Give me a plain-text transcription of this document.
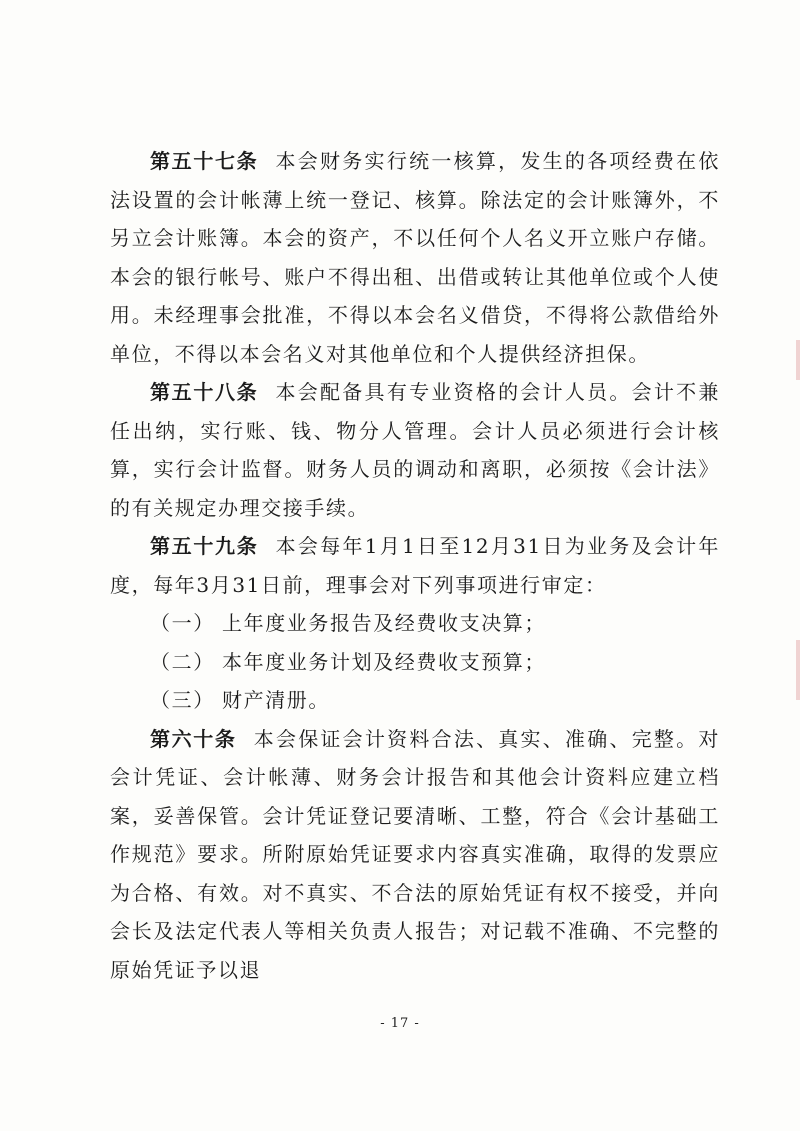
第五十七条 本会财务实行统一核算，发生的各项经费在依法设置的会计帐薄上统一登记、核算。除法定的会计账簿外，不另立会计账簿。本会的资产，不以任何个人名义开立账户存储。本会的银行帐号、账户不得出租、出借或转让其他单位或个人使用。未经理事会批准，不得以本会名义借贷，不得将公款借给外单位，不得以本会名义对其他单位和个人提供经济担保。

第五十八条 本会配备具有专业资格的会计人员。会计不兼任出纳，实行账、钱、物分人管理。会计人员必须进行会计核算，实行会计监督。财务人员的调动和离职，必须按《会计法》的有关规定办理交接手续。

第五十九条 本会每年1月1日至12月31日为业务及会计年度，每年3月31日前，理事会对下列事项进行审定：

（一） 上年度业务报告及经费收支决算；

（二） 本年度业务计划及经费收支预算；

（三） 财产清册。

第六十条 本会保证会计资料合法、真实、准确、完整。对会计凭证、会计帐薄、财务会计报告和其他会计资料应建立档案，妥善保管。会计凭证登记要清晰、工整，符合《会计基础工作规范》要求。所附原始凭证要求内容真实准确，取得的发票应为合格、有效。对不真实、不合法的原始凭证有权不接受，并向会长及法定代表人等相关负责人报告；对记载不准确、不完整的原始凭证予以退

- 17 -
